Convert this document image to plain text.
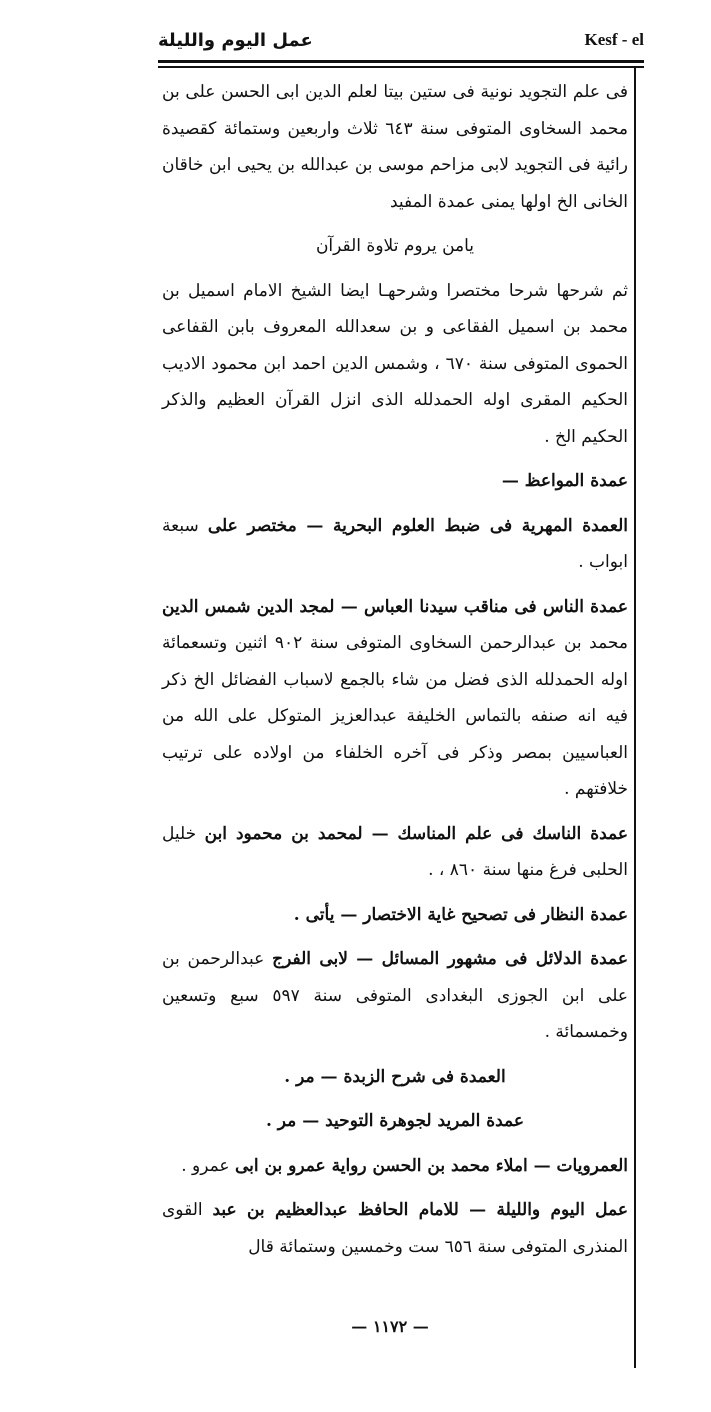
عمل اليوم والليلة	Kesf - el

فى علم التجويد نونية فى ستين بيتا لعلم الدين ابى الحسن على بن محمد السخاوى المتوفى سنة ٦٤٣ ثلاث واربعين وستمائة كقصيدة رائية فى التجويد لابى مزاحم موسى بن عبدالله بن يحيى ابن خاقان الخانى الخ اولها يمنى عمدة المفيد

يامن يروم تلاوة القرآن

ثم شرحها شرحا مختصرا وشرحهـا ايضا الشيخ الامام اسميل بن محمد بن اسميل الفقاعى و بن سعدالله المعروف بابن القفاعى الحموى المتوفى سنة ٦٧٠ ، وشمس الدين احمد ابن محمود الاديب الحكيم المقرى اوله الحمدلله الذى انزل القرآن العظيم والذكر الحكيم الخ .

عمدة المواعظ —

العمدة المهرية فى ضبط العلوم البحرية — مختصر على سبعة ابواب .

عمدة الناس فى مناقب سيدنا العباس — لمجد الدين شمس الدين محمد بن عبدالرحمن السخاوى المتوفى سنة ٩٠٢ اثنين وتسعمائة اوله الحمدلله الذى فضل من شاء بالجمع لاسباب الفضائل الخ ذكر فيه انه صنفه بالتماس الخليفة عبدالعزيز المتوكل على الله من العباسيين بمصر وذكر فى آخره الخلفاء من اولاده على ترتيب خلافتهم .

عمدة الناسك فى علم المناسك — لمحمد بن محمود ابن خليل الحلبى فرغ منها سنة ٨٦٠ ، .

عمدة النظار فى تصحيح غاية الاختصار — يأتى .

عمدة الدلائل فى مشهور المسائل — لابى الفرج عبدالرحمن بن على ابن الجوزى البغدادى المتوفى سنة ٥٩٧ سبع وتسعين وخمسمائة .

العمدة فى شرح الزبدة — مر .

عمدة المريد لجوهرة التوحيد — مر .

العمرويات — املاء محمد بن الحسن رواية عمرو بن ابى عمرو .

عمل اليوم والليلة — للامام الحافظ عبدالعظيم بن عبد القوى المنذرى المتوفى سنة ٦٥٦ ست وخمسين وستمائة قال

— ١١٧٢ —
